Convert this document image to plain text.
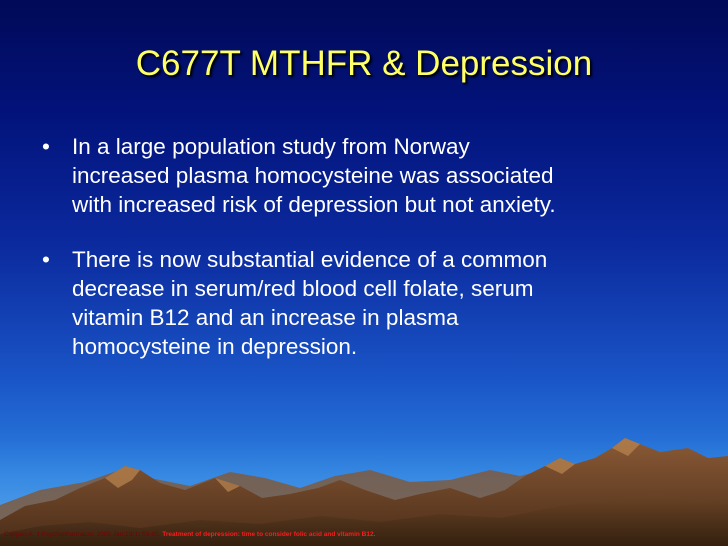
C677T MTHFR & Depression
• In a large population study from Norway
increased plasma homocysteine was associated
with increased risk of depression but not anxiety.
• There is now substantial evidence of a common
decrease in serum/red blood cell folate, serum
vitamin B12 and an increase in plasma
homocysteine in depression.
Coppen A, J Psychopharmacol. 2005 Jan;19(1):59-65. Treatment of depression: time to consider folic acid and vitamin B12.
